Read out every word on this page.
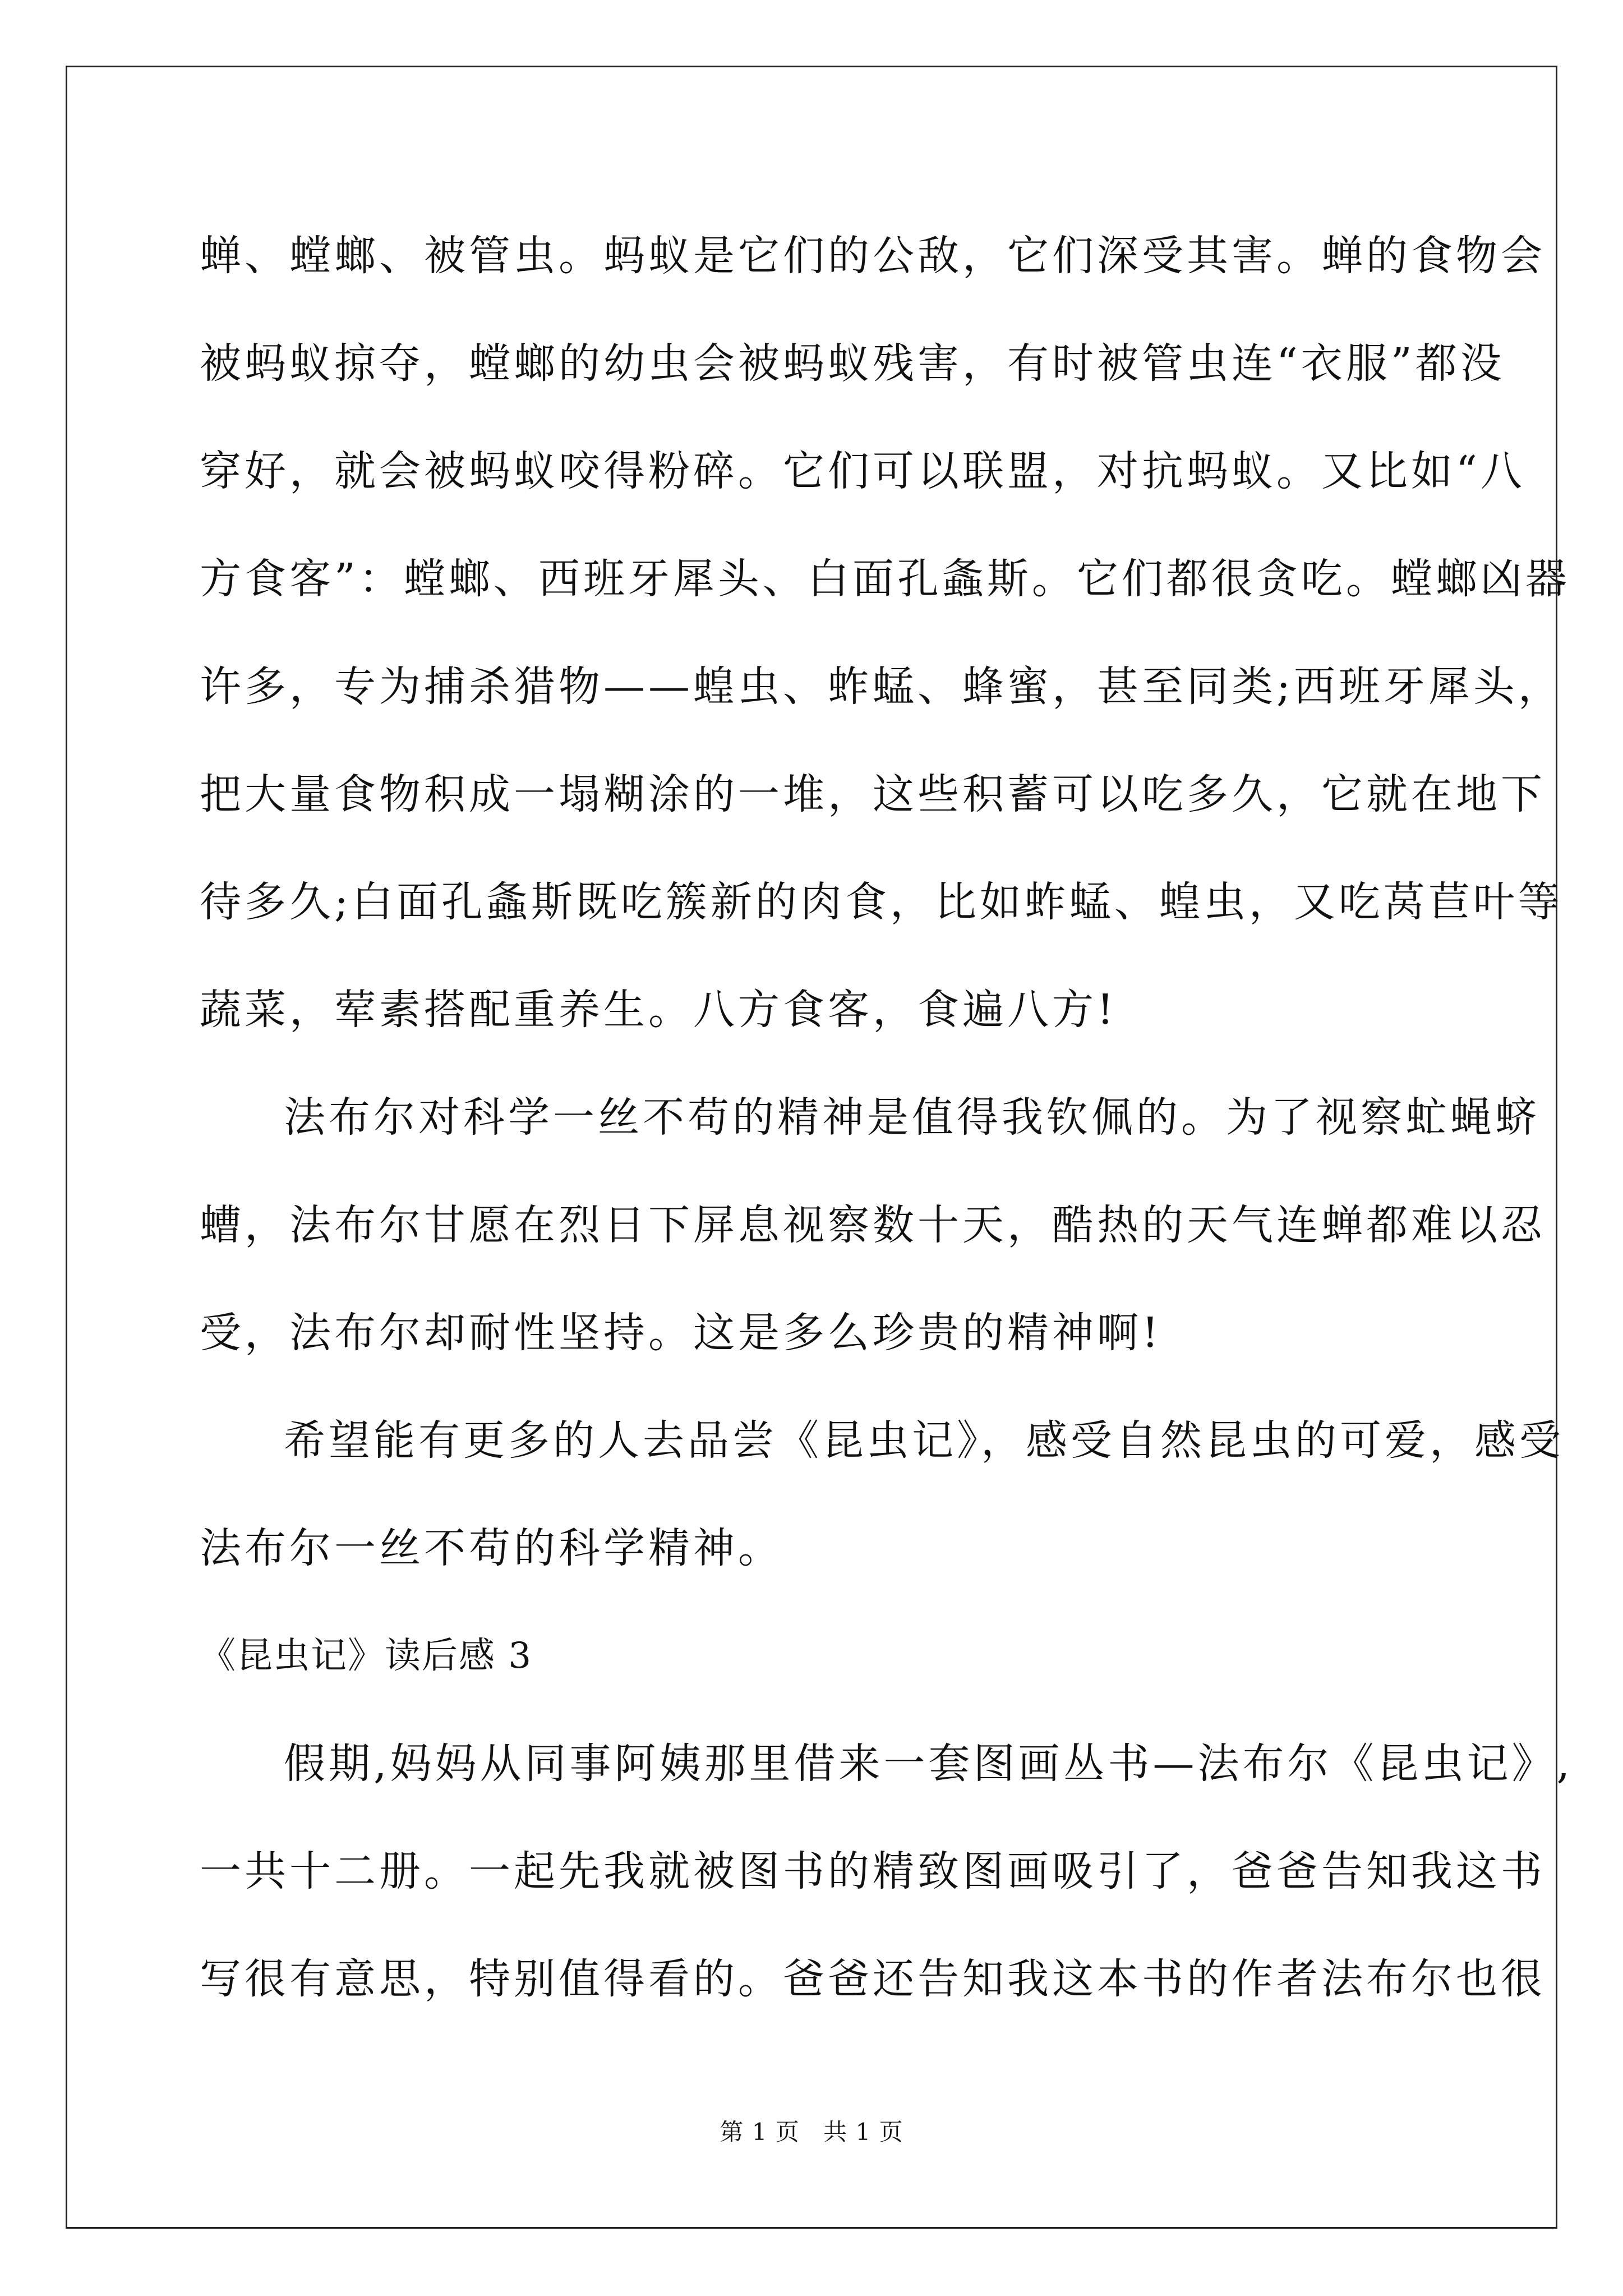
蝉、螳螂、被管虫。蚂蚁是它们的公敌，它们深受其害。蝉的食物会
被蚂蚁掠夺，螳螂的幼虫会被蚂蚁残害，有时被管虫连“衣服”都没
穿好，就会被蚂蚁咬得粉碎。它们可以联盟，对抗蚂蚁。又比如“八
方食客”：螳螂、西班牙犀头、白面孔螽斯。它们都很贪吃。螳螂凶器
许多，专为捕杀猎物——蝗虫、蚱蜢、蜂蜜，甚至同类;西班牙犀头，
把大量食物积成一塌糊涂的一堆，这些积蓄可以吃多久，它就在地下
待多久;白面孔螽斯既吃簇新的肉食，比如蚱蜢、蝗虫，又吃莴苣叶等
蔬菜，荤素搭配重养生。八方食客，食遍八方!
法布尔对科学一丝不苟的精神是值得我钦佩的。为了视察虻蝇蛴
螬，法布尔甘愿在烈日下屏息视察数十天，酷热的天气连蝉都难以忍
受，法布尔却耐性坚持。这是多么珍贵的精神啊!
希望能有更多的人去品尝《昆虫记》，感受自然昆虫的可爱，感受
法布尔一丝不苟的科学精神。
《昆虫记》读后感 3
假期,妈妈从同事阿姨那里借来一套图画丛书—法布尔《昆虫记》,
一共十二册。一起先我就被图书的精致图画吸引了，爸爸告知我这书
写很有意思，特别值得看的。爸爸还告知我这本书的作者法布尔也很
第 1 页 共 1 页
